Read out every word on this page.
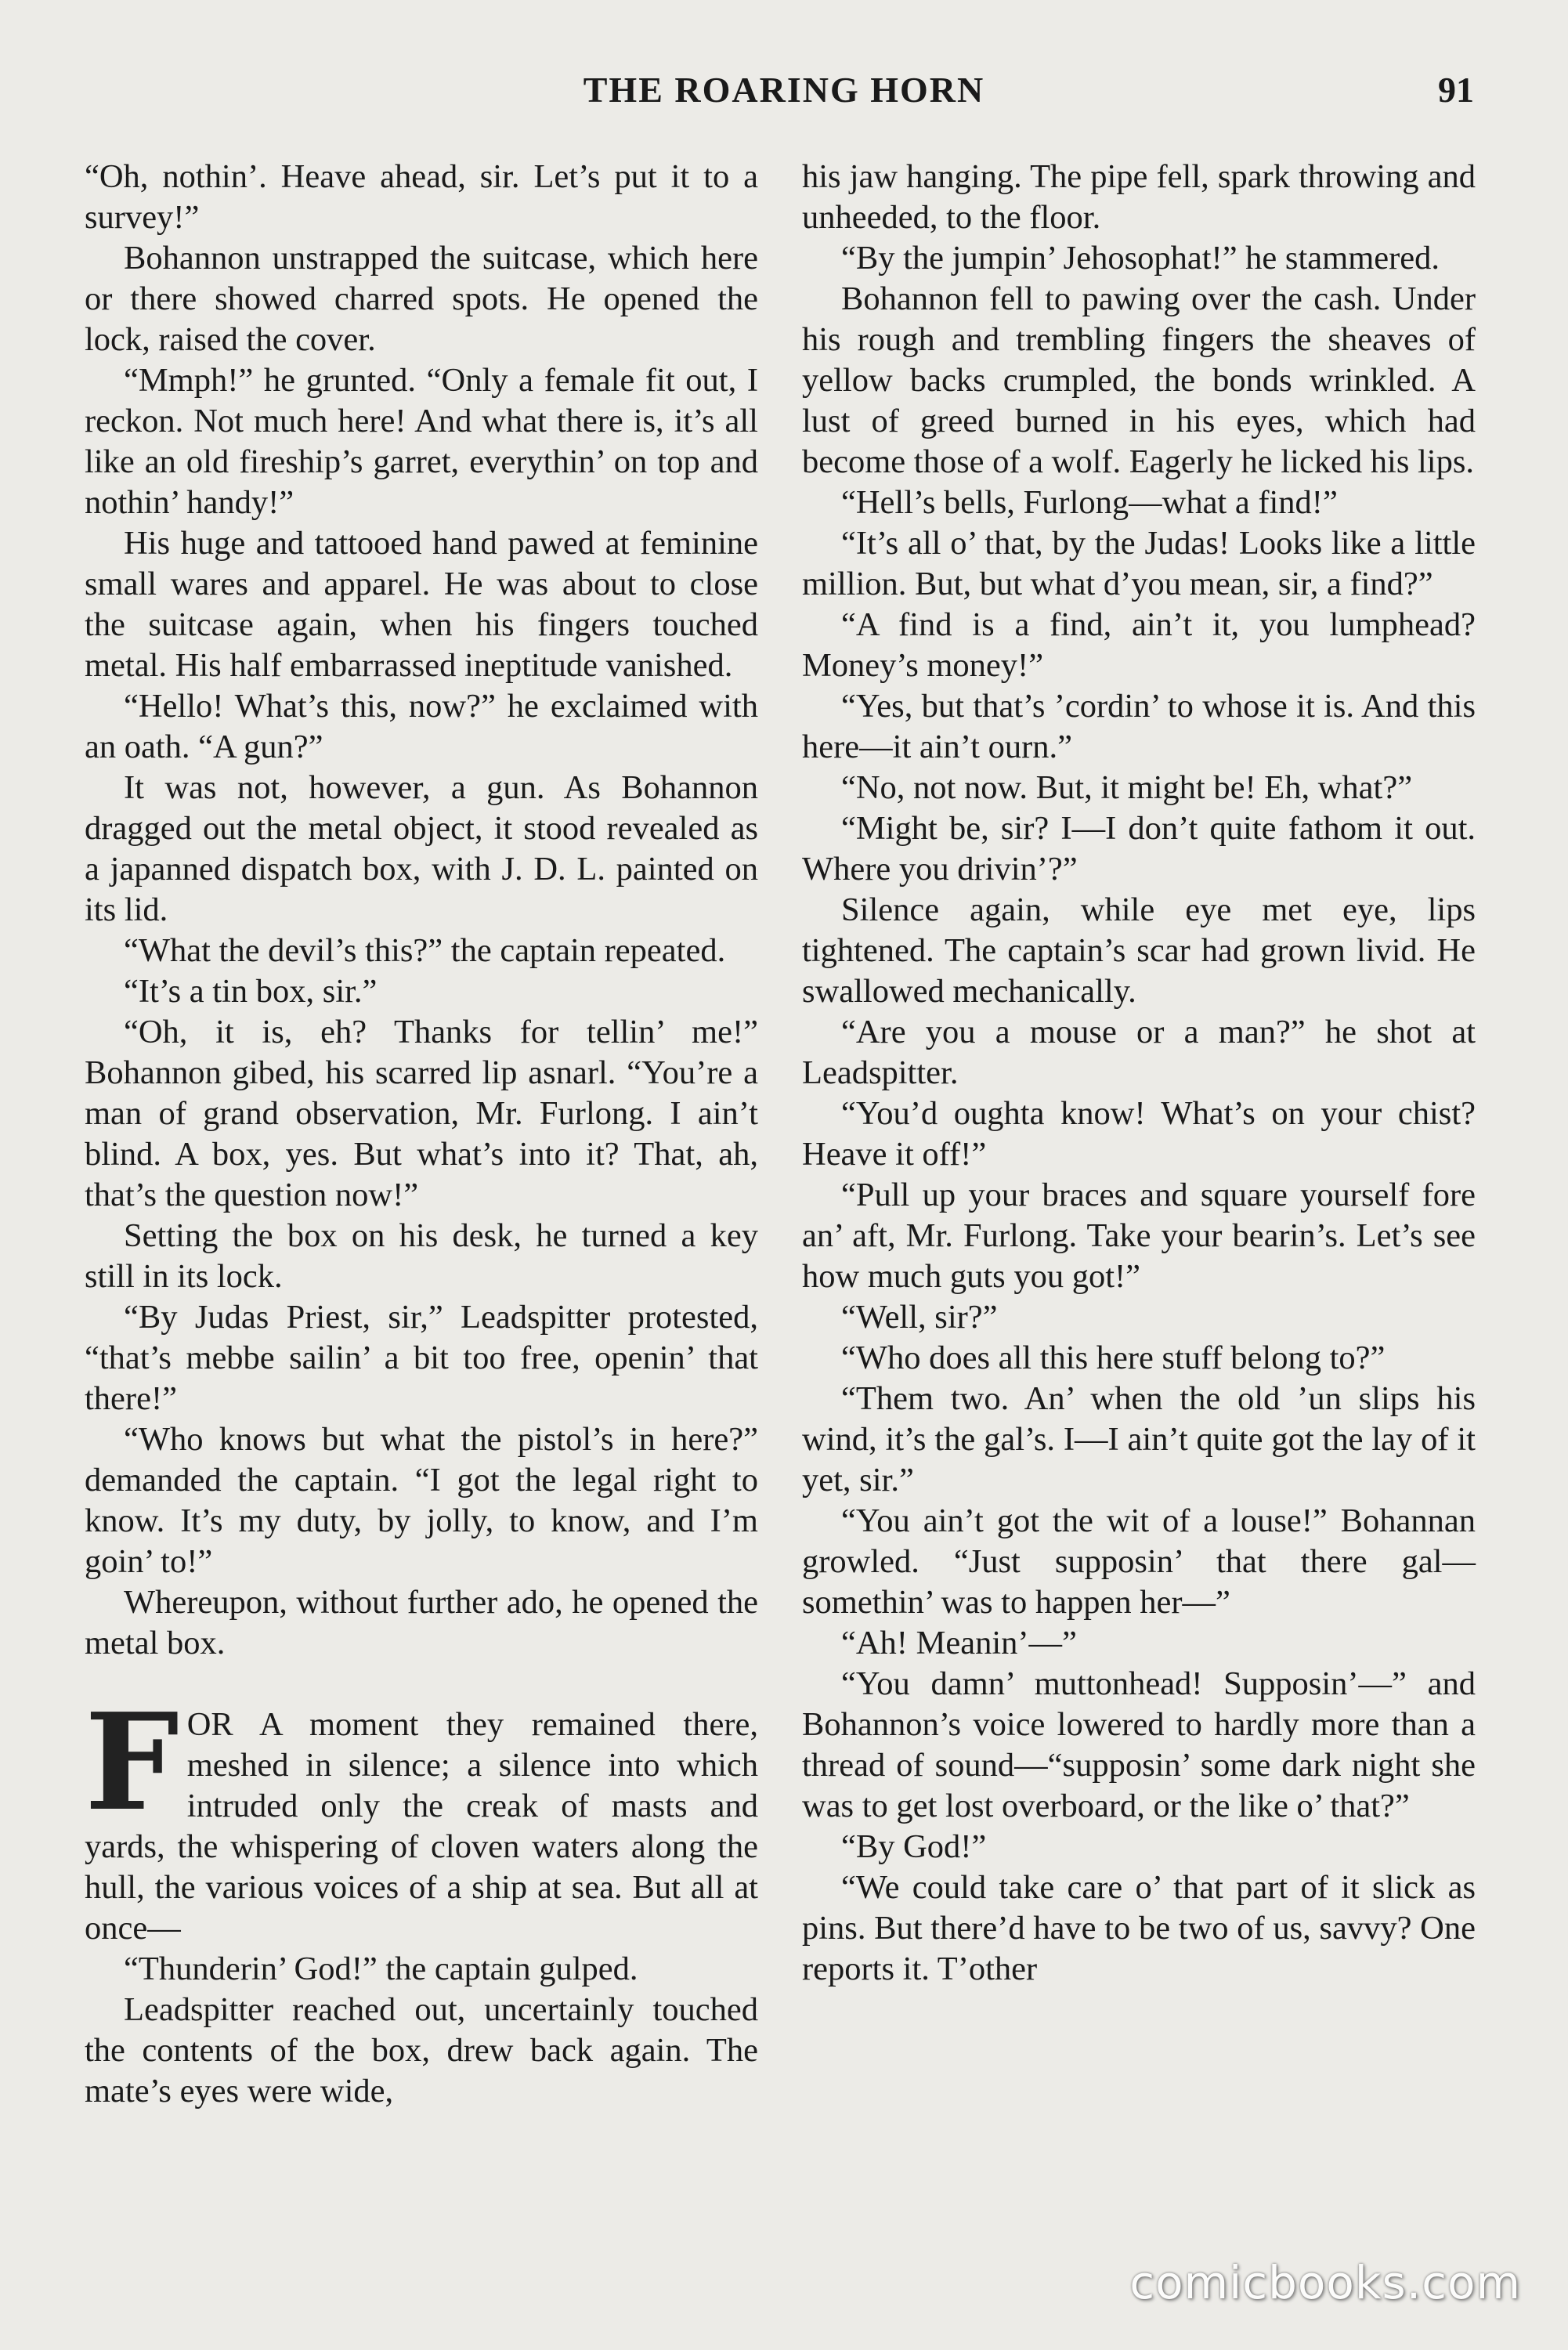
THE ROARING HORN	91

“Oh, nothin’. Heave ahead, sir. Let’s put it to a survey!”

Bohannon unstrapped the suitcase, which here or there showed charred spots. He opened the lock, raised the cover.

“Mmph!” he grunted. “Only a female fit out, I reckon. Not much here! And what there is, it’s all like an old fireship’s garret, everythin’ on top and nothin’ handy!”

His huge and tattooed hand pawed at feminine small wares and apparel. He was about to close the suitcase again, when his fingers touched metal. His half embarrassed ineptitude vanished.

“Hello! What’s this, now?” he exclaimed with an oath. “A gun?”

It was not, however, a gun. As Bohannon dragged out the metal object, it stood revealed as a japanned dispatch box, with J. D. L. painted on its lid.

“What the devil’s this?” the captain repeated.

“It’s a tin box, sir.”

“Oh, it is, eh? Thanks for tellin’ me!” Bohannon gibed, his scarred lip asnarl. “You’re a man of grand observation, Mr. Furlong. I ain’t blind. A box, yes. But what’s into it? That, ah, that’s the question now!”

Setting the box on his desk, he turned a key still in its lock.

“By Judas Priest, sir,” Leadspitter protested, “that’s mebbe sailin’ a bit too free, openin’ that there!”

“Who knows but what the pistol’s in here?” demanded the captain. “I got the legal right to know. It’s my duty, by jolly, to know, and I’m goin’ to!”

Whereupon, without further ado, he opened the metal box.

FOR A moment they remained there, meshed in silence; a silence into which intruded only the creak of masts and yards, the whispering of cloven waters along the hull, the various voices of a ship at sea. But all at once—

“Thunderin’ God!” the captain gulped.

Leadspitter reached out, uncertainly touched the contents of the box, drew back again. The mate’s eyes were wide,

his jaw hanging. The pipe fell, spark throwing and unheeded, to the floor.

“By the jumpin’ Jehosophat!” he stammered.

Bohannon fell to pawing over the cash. Under his rough and trembling fingers the sheaves of yellow backs crumpled, the bonds wrinkled. A lust of greed burned in his eyes, which had become those of a wolf. Eagerly he licked his lips.

“Hell’s bells, Furlong—what a find!”

“It’s all o’ that, by the Judas! Looks like a little million. But, but what d’you mean, sir, a find?”

“A find is a find, ain’t it, you lumphead? Money’s money!”

“Yes, but that’s ’cordin’ to whose it is. And this here—it ain’t ourn.”

“No, not now. But, it might be! Eh, what?”

“Might be, sir? I—I don’t quite fathom it out. Where you drivin’?”

Silence again, while eye met eye, lips tightened. The captain’s scar had grown livid. He swallowed mechanically.

“Are you a mouse or a man?” he shot at Leadspitter.

“You’d oughta know! What’s on your chist? Heave it off!”

“Pull up your braces and square yourself fore an’ aft, Mr. Furlong. Take your bearin’s. Let’s see how much guts you got!”

“Well, sir?”

“Who does all this here stuff belong to?”

“Them two. An’ when the old ’un slips his wind, it’s the gal’s. I—I ain’t quite got the lay of it yet, sir.”

“You ain’t got the wit of a louse!” Bohannan growled. “Just supposin’ that there gal—somethin’ was to happen her—”

“Ah! Meanin’—”

“You damn’ muttonhead! Supposin’—” and Bohannon’s voice lowered to hardly more than a thread of sound—“supposin’ some dark night she was to get lost overboard, or the like o’ that?”

“By God!”

“We could take care o’ that part of it slick as pins. But there’d have to be two of us, savvy? One reports it. T’other

comicbooks.com
